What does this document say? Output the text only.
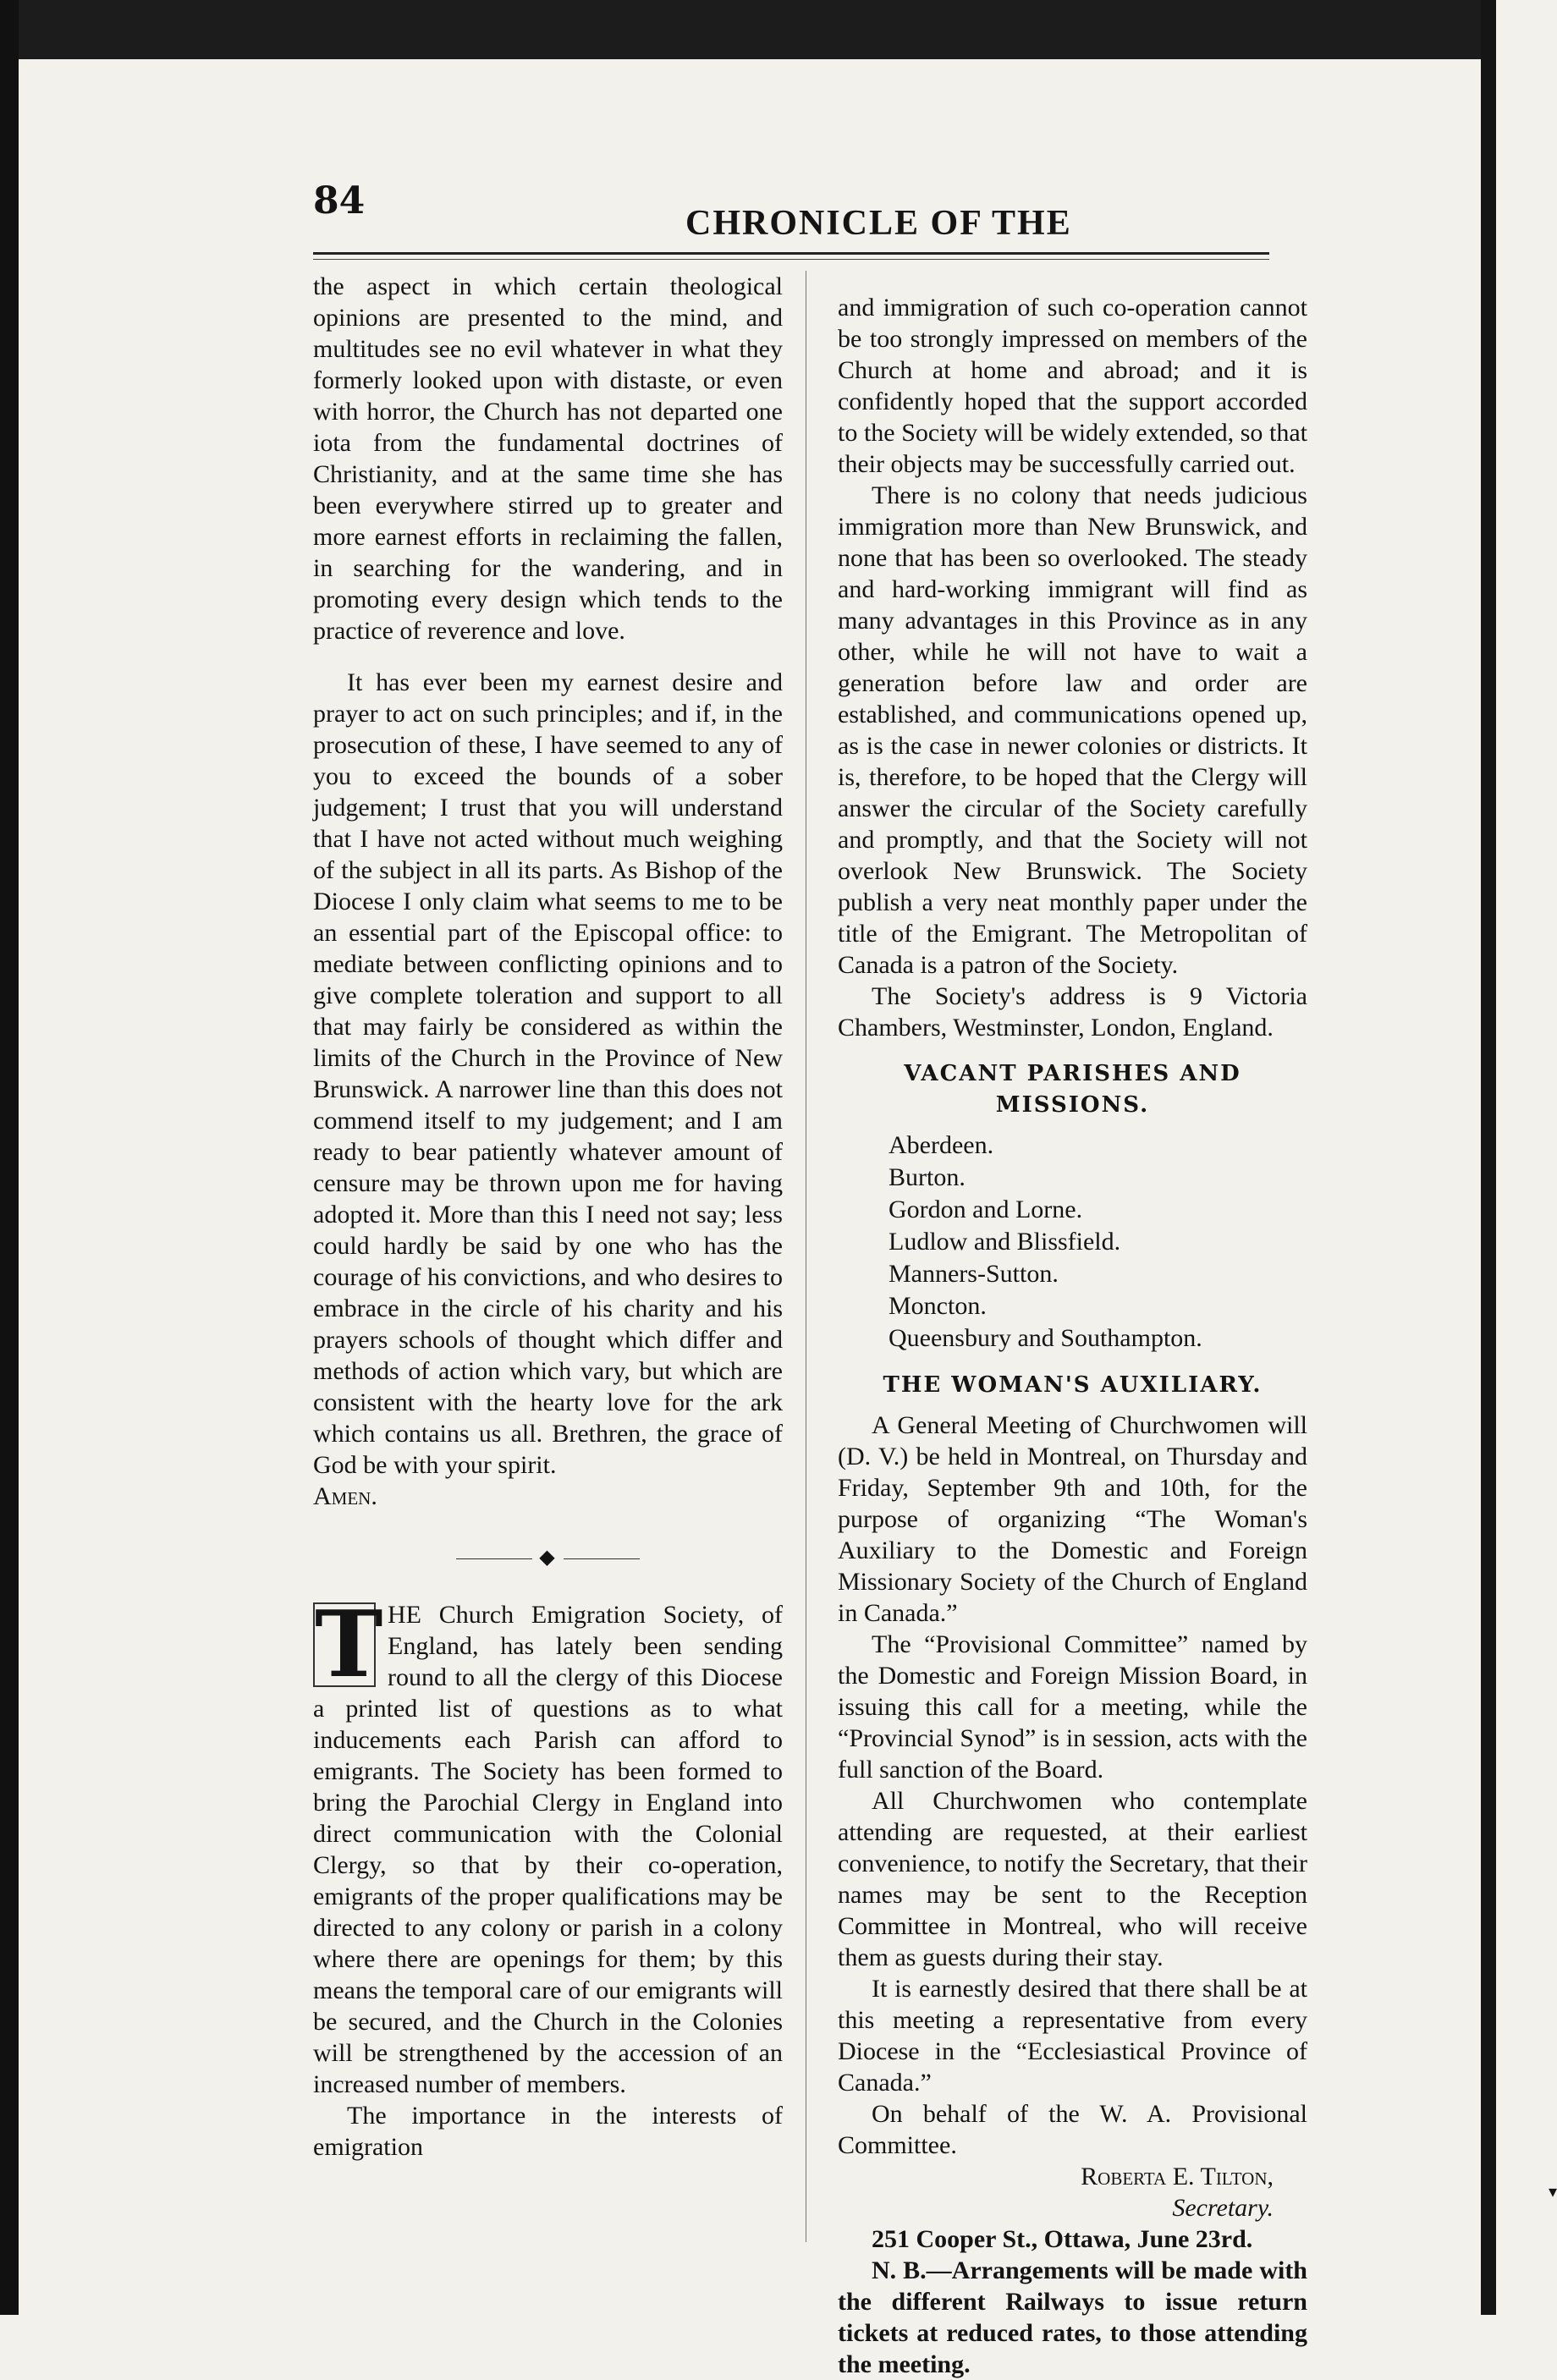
84
CHRONICLE OF THE

the aspect in which certain theological opinions are presented to the mind, and multitudes see no evil whatever in what they formerly looked upon with distaste, or even with horror, the Church has not departed one iota from the fundamental doctrines of Christianity, and at the same time she has been everywhere stirred up to greater and more earnest efforts in reclaiming the fallen, in searching for the wandering, and in promoting every design which tends to the practice of reverence and love.

It has ever been my earnest desire and prayer to act on such principles; and if, in the prosecution of these, I have seemed to any of you to exceed the bounds of a sober judgement; I trust that you will understand that I have not acted without much weighing of the subject in all its parts. As Bishop of the Diocese I only claim what seems to me to be an essential part of the Episcopal office: to mediate between conflicting opinions and to give complete toleration and support to all that may fairly be considered as within the limits of the Church in the Province of New Brunswick. A narrower line than this does not commend itself to my judgement; and I am ready to bear patiently whatever amount of censure may be thrown upon me for having adopted it. More than this I need not say; less could hardly be said by one who has the courage of his convictions, and who desires to embrace in the circle of his charity and his prayers schools of thought which differ and methods of action which vary, but which are consistent with the hearty love for the ark which contains us all. Brethren, the grace of God be with your spirit.

Amen.

◆

T HE Church Emigration Society, of England, has lately been sending round to all the clergy of this Diocese a printed list of questions as to what inducements each Parish can afford to emigrants. The Society has been formed to bring the Parochial Clergy in England into direct communication with the Colonial Clergy, so that by their co-operation, emigrants of the proper qualifications may be directed to any colony or parish in a colony where there are openings for them; by this means the temporal care of our emigrants will be secured, and the Church in the Colonies will be strengthened by the accession of an increased number of members.

The importance in the interests of emigration

and immigration of such co-operation cannot be too strongly impressed on members of the Church at home and abroad; and it is confidently hoped that the support accorded to the Society will be widely extended, so that their objects may be successfully carried out.

There is no colony that needs judicious immigration more than New Brunswick, and none that has been so overlooked. The steady and hard-working immigrant will find as many advantages in this Province as in any other, while he will not have to wait a generation before law and order are established, and communications opened up, as is the case in newer colonies or districts. It is, therefore, to be hoped that the Clergy will answer the circular of the Society carefully and promptly, and that the Society will not overlook New Brunswick. The Society publish a very neat monthly paper under the title of the Emigrant. The Metropolitan of Canada is a patron of the Society.

The Society's address is 9 Victoria Chambers, Westminster, London, England.

VACANT PARISHES AND MISSIONS.
Aberdeen.
Burton.
Gordon and Lorne.
Ludlow and Blissfield.
Manners-Sutton.
Moncton.
Queensbury and Southampton.
THE WOMAN'S AUXILIARY.

A General Meeting of Churchwomen will (D. V.) be held in Montreal, on Thursday and Friday, September 9th and 10th, for the purpose of organizing “The Woman's Auxiliary to the Domestic and Foreign Missionary Society of the Church of England in Canada.”

The “Provisional Committee” named by the Domestic and Foreign Mission Board, in issuing this call for a meeting, while the “Provincial Synod” is in session, acts with the full sanction of the Board.

All Churchwomen who contemplate attending are requested, at their earliest convenience, to notify the Secretary, that their names may be sent to the Reception Committee in Montreal, who will receive them as guests during their stay.

It is earnestly desired that there shall be at this meeting a representative from every Diocese in the “Ecclesiastical Province of Canada.”

On behalf of the W. A. Provisional Committee.

Roberta E. Tilton,

Secretary.

251 Cooper St., Ottawa, June 23rd.

N. B.—Arrangements will be made with the different Railways to issue return tickets at reduced rates, to those attending the meeting.

▾
